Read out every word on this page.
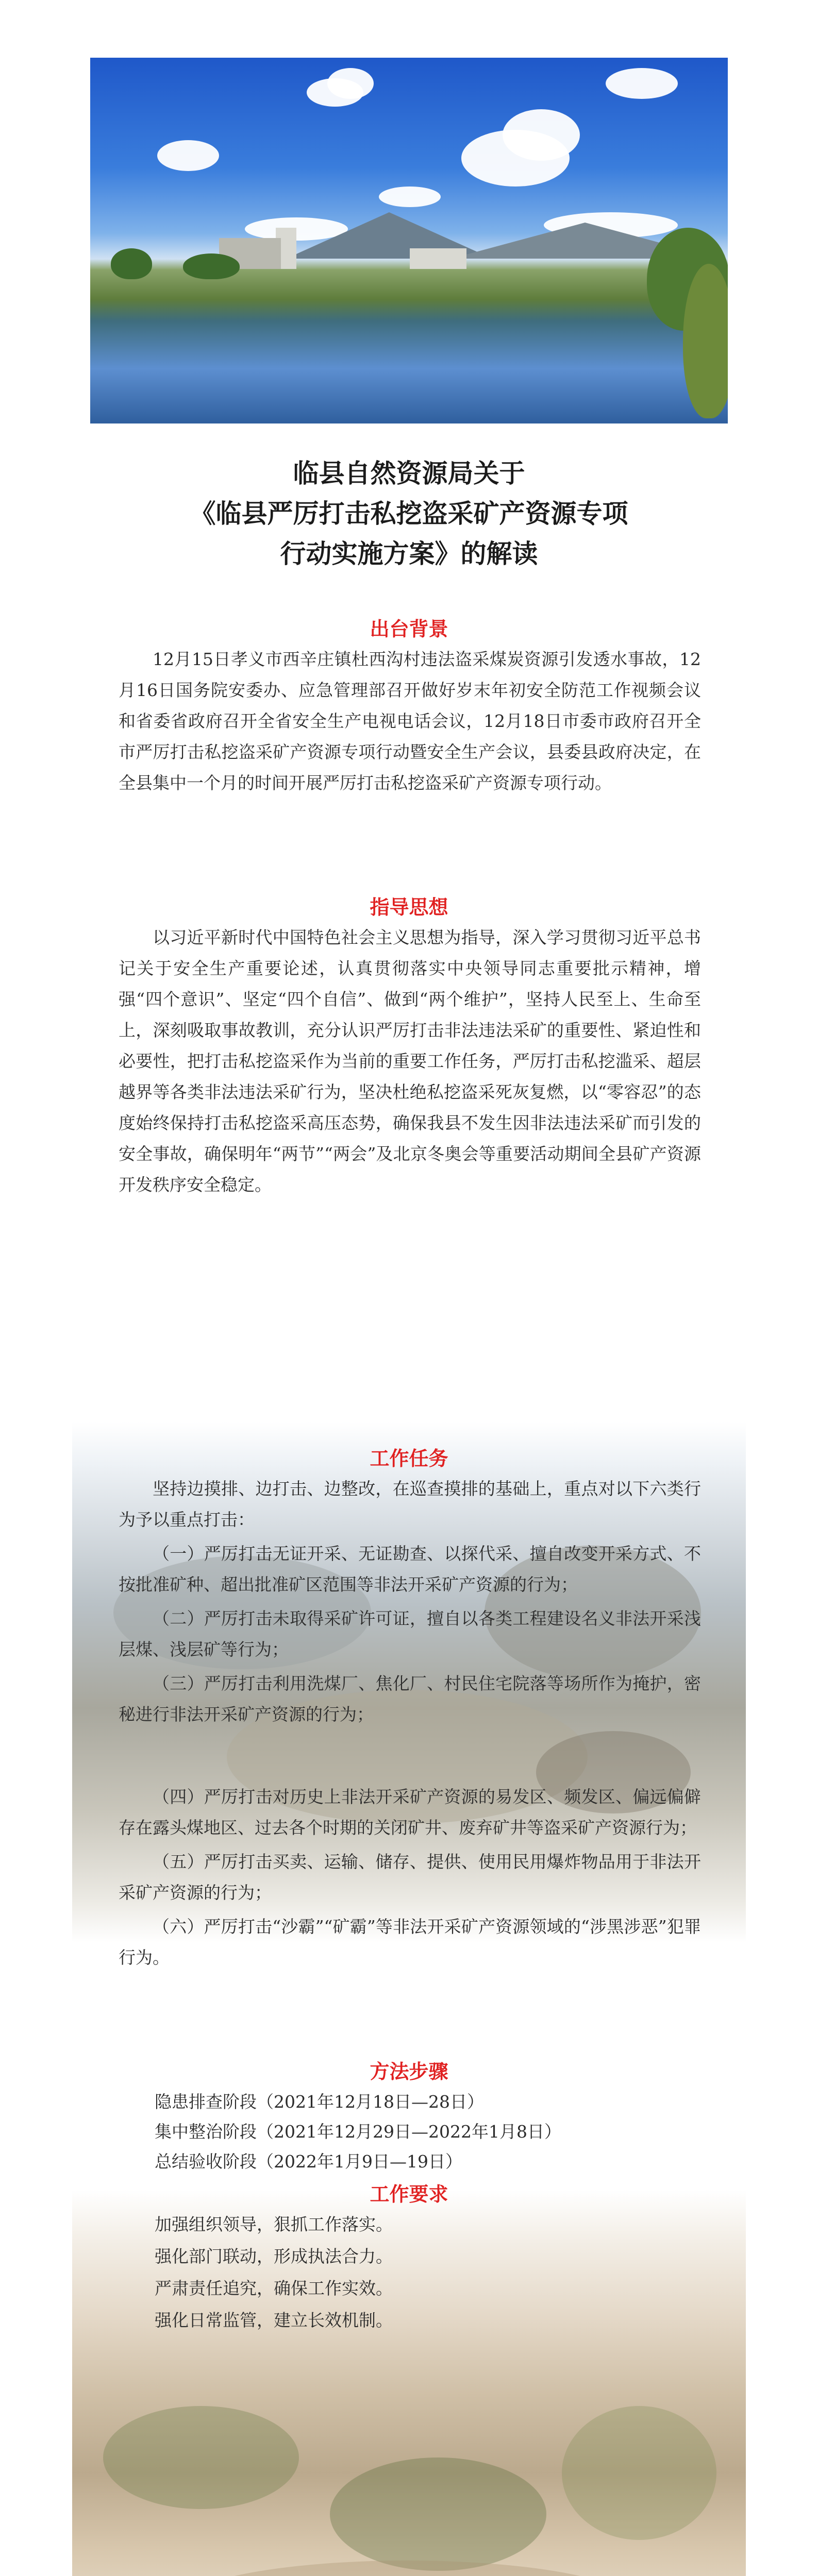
临县自然资源局关于
《临县严厉打击私挖盗采矿产资源专项
行动实施方案》的解读
出台背景

12月15日孝义市西辛庄镇杜西沟村违法盗采煤炭资源引发透水事故，12月16日国务院安委办、应急管理部召开做好岁末年初安全防范工作视频会议和省委省政府召开全省安全生产电视电话会议，12月18日市委市政府召开全市严厉打击私挖盗采矿产资源专项行动暨安全生产会议，县委县政府决定，在全县集中一个月的时间开展严厉打击私挖盗采矿产资源专项行动。

指导思想

以习近平新时代中国特色社会主义思想为指导，深入学习贯彻习近平总书记关于安全生产重要论述，认真贯彻落实中央领导同志重要批示精神，增强“四个意识”、坚定“四个自信”、做到“两个维护”，坚持人民至上、生命至上，深刻吸取事故教训，充分认识严厉打击非法违法采矿的重要性、紧迫性和必要性，把打击私挖盗采作为当前的重要工作任务，严厉打击私挖滥采、超层越界等各类非法违法采矿行为，坚决杜绝私挖盗采死灰复燃，以“零容忍”的态度始终保持打击私挖盗采高压态势，确保我县不发生因非法违法采矿而引发的安全事故，确保明年“两节”“两会”及北京冬奥会等重要活动期间全县矿产资源开发秩序安全稳定。

工作任务

坚持边摸排、边打击、边整改，在巡查摸排的基础上，重点对以下六类行为予以重点打击：

（一）严厉打击无证开采、无证勘查、以探代采、擅自改变开采方式、不按批准矿种、超出批准矿区范围等非法开采矿产资源的行为；

（二）严厉打击未取得采矿许可证，擅自以各类工程建设名义非法开采浅层煤、浅层矿等行为；

（三）严厉打击利用洗煤厂、焦化厂、村民住宅院落等场所作为掩护，密秘进行非法开采矿产资源的行为；

（四）严厉打击对历史上非法开采矿产资源的易发区、频发区、偏远偏僻存在露头煤地区、过去各个时期的关闭矿井、废弃矿井等盗采矿产资源行为；

（五）严厉打击买卖、运输、储存、提供、使用民用爆炸物品用于非法开采矿产资源的行为；

（六）严厉打击“沙霸”“矿霸”等非法开采矿产资源领域的“涉黑涉恶”犯罪行为。

方法步骤
隐患排查阶段（2021年12月18日—28日）
集中整治阶段（2021年12月29日—2022年1月8日）
总结验收阶段（2022年1月9日—19日）
工作要求
加强组织领导，狠抓工作落实。
强化部门联动，形成执法合力。
严肃责任追究，确保工作实效。
强化日常监管，建立长效机制。
